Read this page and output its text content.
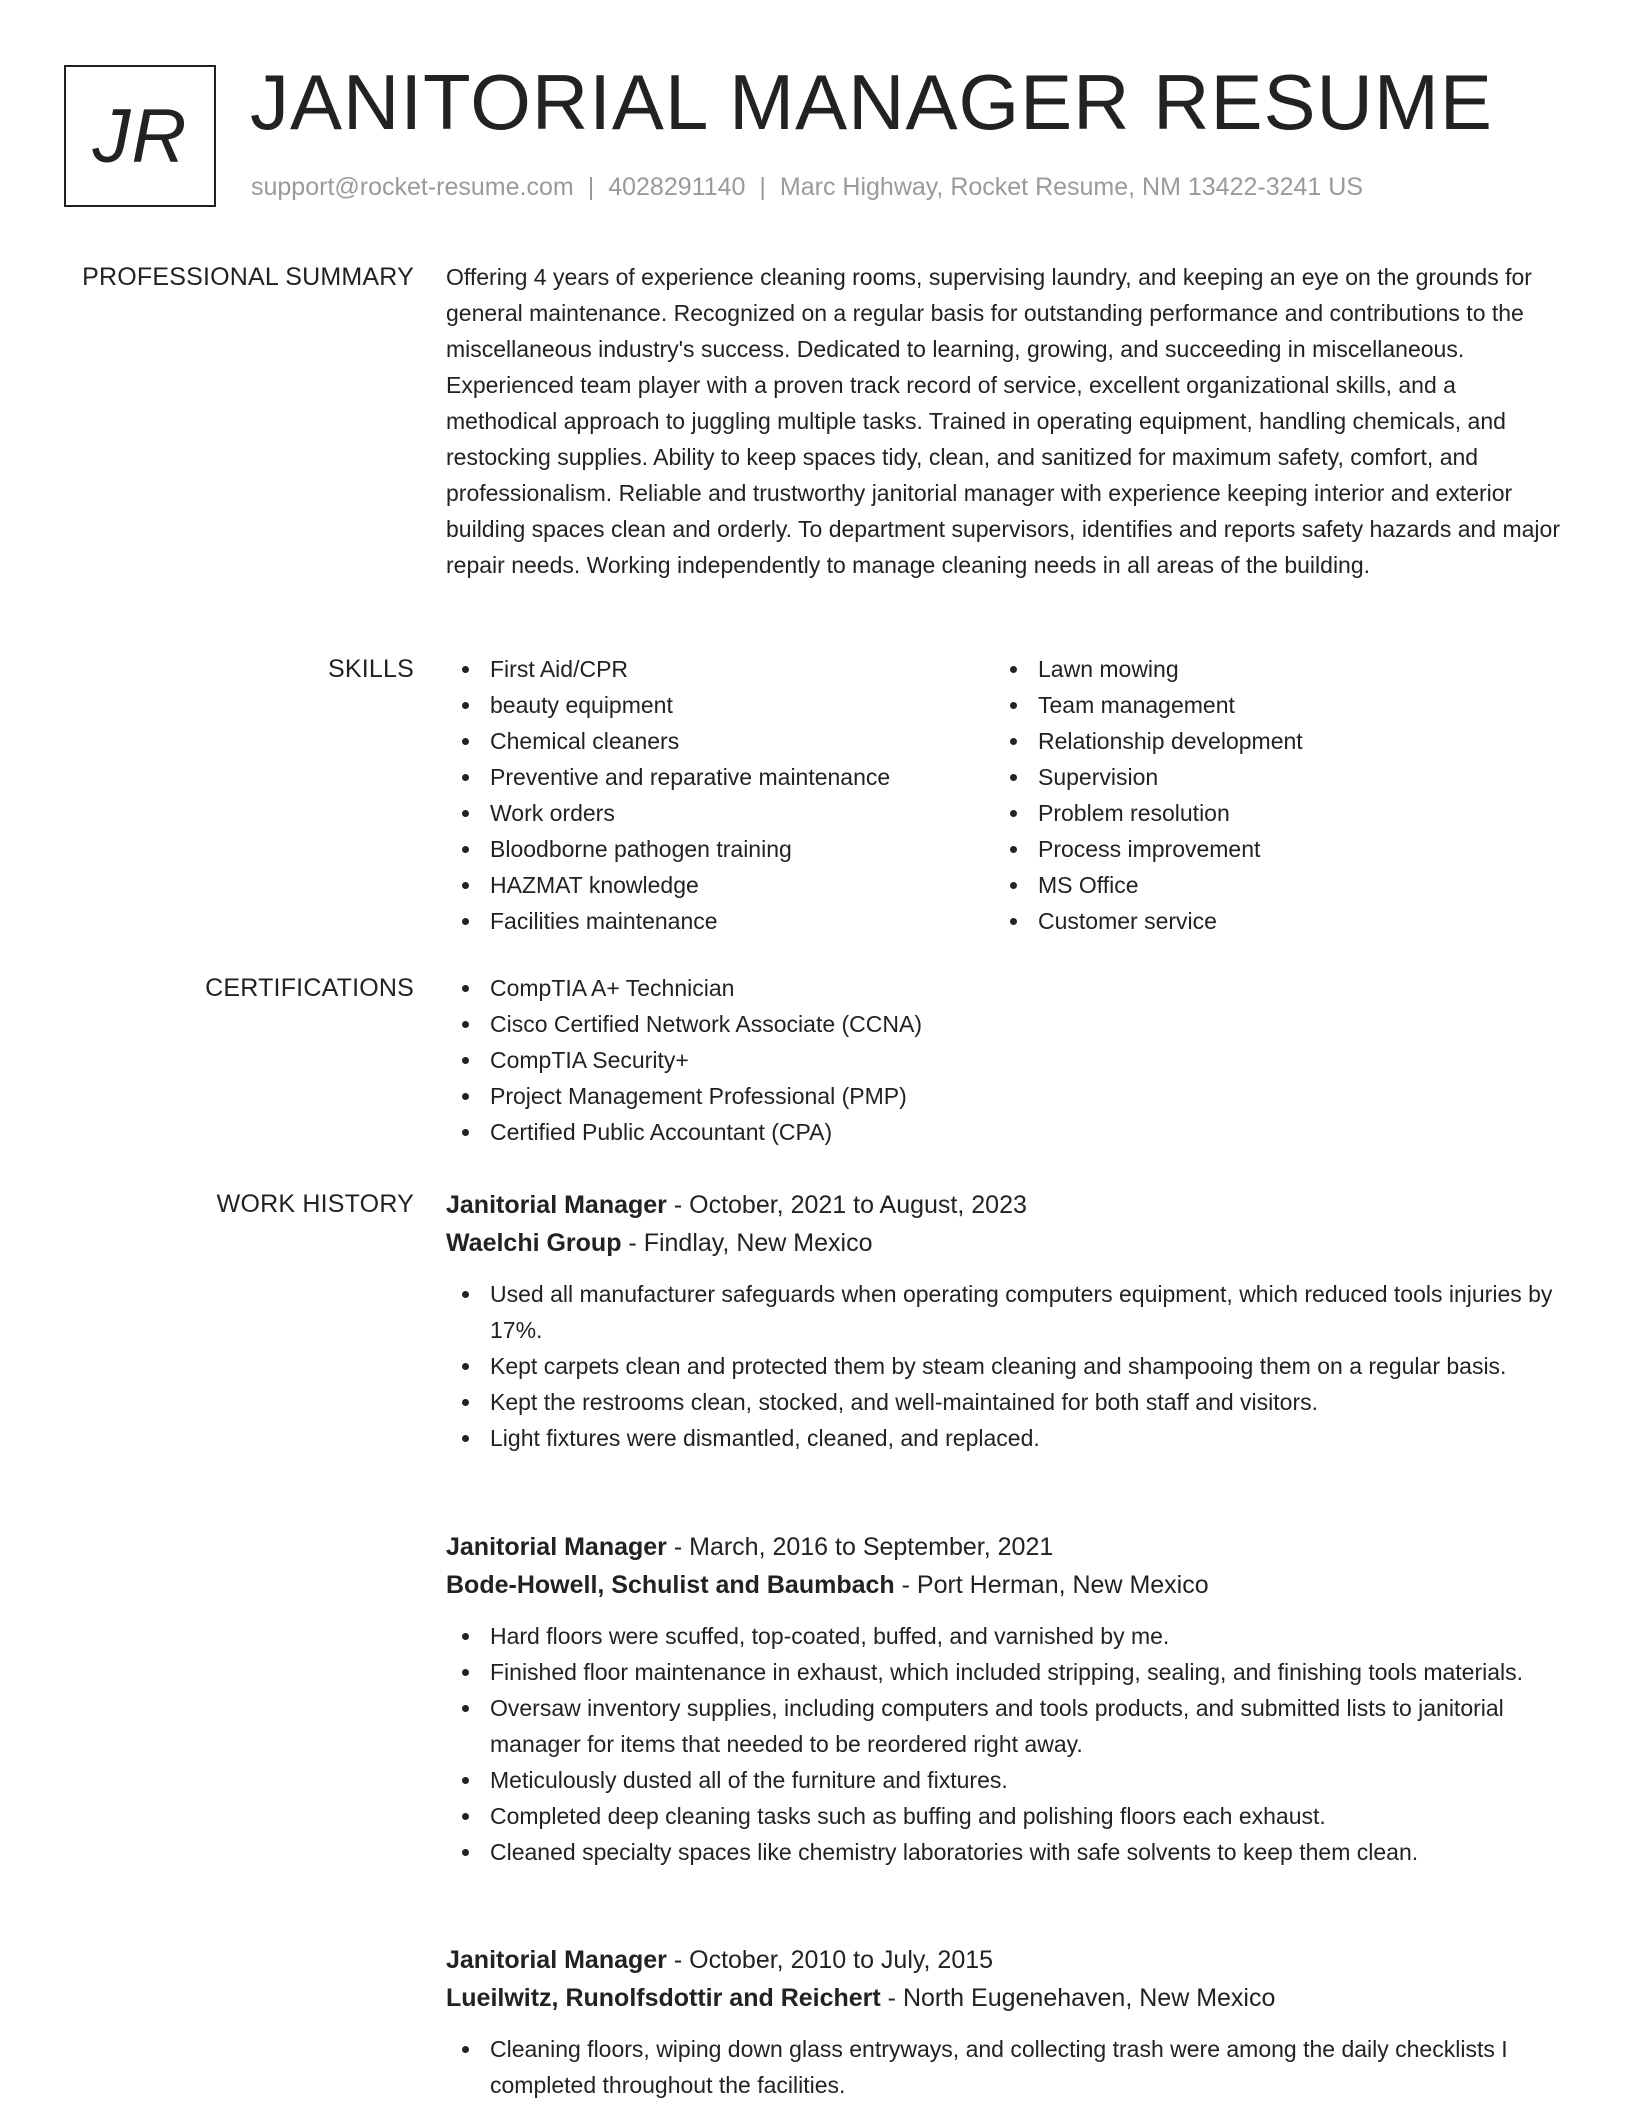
JR JANITORIAL MANAGER RESUME
support@rocket-resume.com | 4028291140 | Marc Highway, Rocket Resume, NM 13422-3241 US
PROFESSIONAL SUMMARY Offering 4 years of experience cleaning rooms, supervising laundry, and keeping an eye on the grounds for general maintenance. Recognized on a regular basis for outstanding performance and contributions to the miscellaneous industry's success. Dedicated to learning, growing, and succeeding in miscellaneous. Experienced team player with a proven track record of service, excellent organizational skills, and a methodical approach to juggling multiple tasks. Trained in operating equipment, handling chemicals, and restocking supplies. Ability to keep spaces tidy, clean, and sanitized for maximum safety, comfort, and professionalism. Reliable and trustworthy janitorial manager with experience keeping interior and exterior building spaces clean and orderly. To department supervisors, identifies and reports safety hazards and major repair needs. Working independently to manage cleaning needs in all areas of the building.

SKILLS	First Aid/CPR
beauty equipment
Chemical cleaners
Preventive and reparative maintenance
Work orders
Bloodborne pathogen training
HAZMAT knowledge
Facilities maintenance
Lawn mowing
Team management
Relationship development
Supervision
Problem resolution
Process improvement
MS Office
Customer service
CERTIFICATIONS	CompTIA A+ Technician
Cisco Certified Network Associate (CCNA)
CompTIA Security+
Project Management Professional (PMP)
Certified Public Accountant (CPA)
WORK HISTORY Janitorial Manager - October, 2021 to August, 2023
Waelchi Group - Findlay, New Mexico
Used all manufacturer safeguards when operating computers equipment, which reduced tools injuries by 17%.
Kept carpets clean and protected them by steam cleaning and shampooing them on a regular basis.
Kept the restrooms clean, stocked, and well-maintained for both staff and visitors.
Light fixtures were dismantled, cleaned, and replaced.
Janitorial Manager - March, 2016 to September, 2021
Bode-Howell, Schulist and Baumbach - Port Herman, New Mexico
Hard floors were scuffed, top-coated, buffed, and varnished by me.
Finished floor maintenance in exhaust, which included stripping, sealing, and finishing tools materials.
Oversaw inventory supplies, including computers and tools products, and submitted lists to janitorial manager for items that needed to be reordered right away.
Meticulously dusted all of the furniture and fixtures.
Completed deep cleaning tasks such as buffing and polishing floors each exhaust.
Cleaned specialty spaces like chemistry laboratories with safe solvents to keep them clean.
Janitorial Manager - October, 2010 to July, 2015
Lueilwitz, Runolfsdottir and Reichert - North Eugenehaven, New Mexico
Cleaning floors, wiping down glass entryways, and collecting trash were among the daily checklists I completed throughout the facilities.
